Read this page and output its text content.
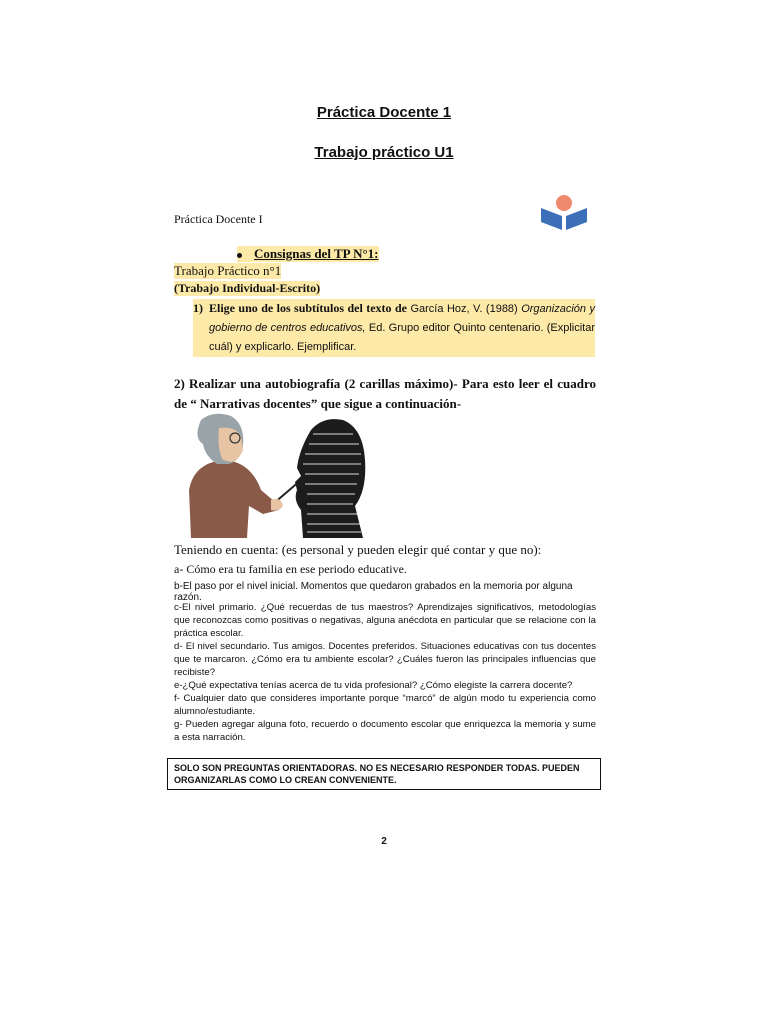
Práctica Docente 1
Trabajo práctico U1
Práctica Docente I
Consignas del TP N°1:
Trabajo Práctico n°1
(Trabajo Individual-Escrito)
1) Elige uno de los subtítulos del texto de García Hoz, V. (1988) Organización y gobierno de centros educativos, Ed. Grupo editor Quinto centenario. (Explicitar cuál) y explicarlo. Ejemplificar.
2) Realizar una autobiografía (2 carillas máximo)- Para esto leer el cuadro de “ Narrativas docentes” que sigue a continuación-
Teniendo en cuenta: (es personal y pueden elegir qué contar y que no):
a- Cómo era tu familia en ese periodo educative.
b-El paso por el nivel inicial. Momentos que quedaron grabados en la memoria por alguna razón.

c-El nivel primario. ¿Qué recuerdas de tus maestros? Aprendizajes significativos, metodologías que reconozcas como positivas o negativas, alguna anécdota en particular que se relacione con la práctica escolar.

d- El nivel secundario. Tus amigos. Docentes preferidos. Situaciones educativas con tus docentes que te marcaron. ¿Cómo era tu ambiente escolar? ¿Cuáles fueron las principales influencias que recibiste?

e-¿Qué expectativa tenías acerca de tu vida profesional? ¿Cómo elegiste la carrera docente?

f- Cualquier dato que consideres importante porque “marcó” de algún modo tu experiencia como alumno/estudiante.

g- Pueden agregar alguna foto, recuerdo o documento escolar que enriquezca la memoria y sume a esta narración.

SOLO SON PREGUNTAS ORIENTADORAS. NO ES NECESARIO RESPONDER TODAS. PUEDEN ORGANIZARLAS COMO LO CREAN CONVENIENTE.
2
